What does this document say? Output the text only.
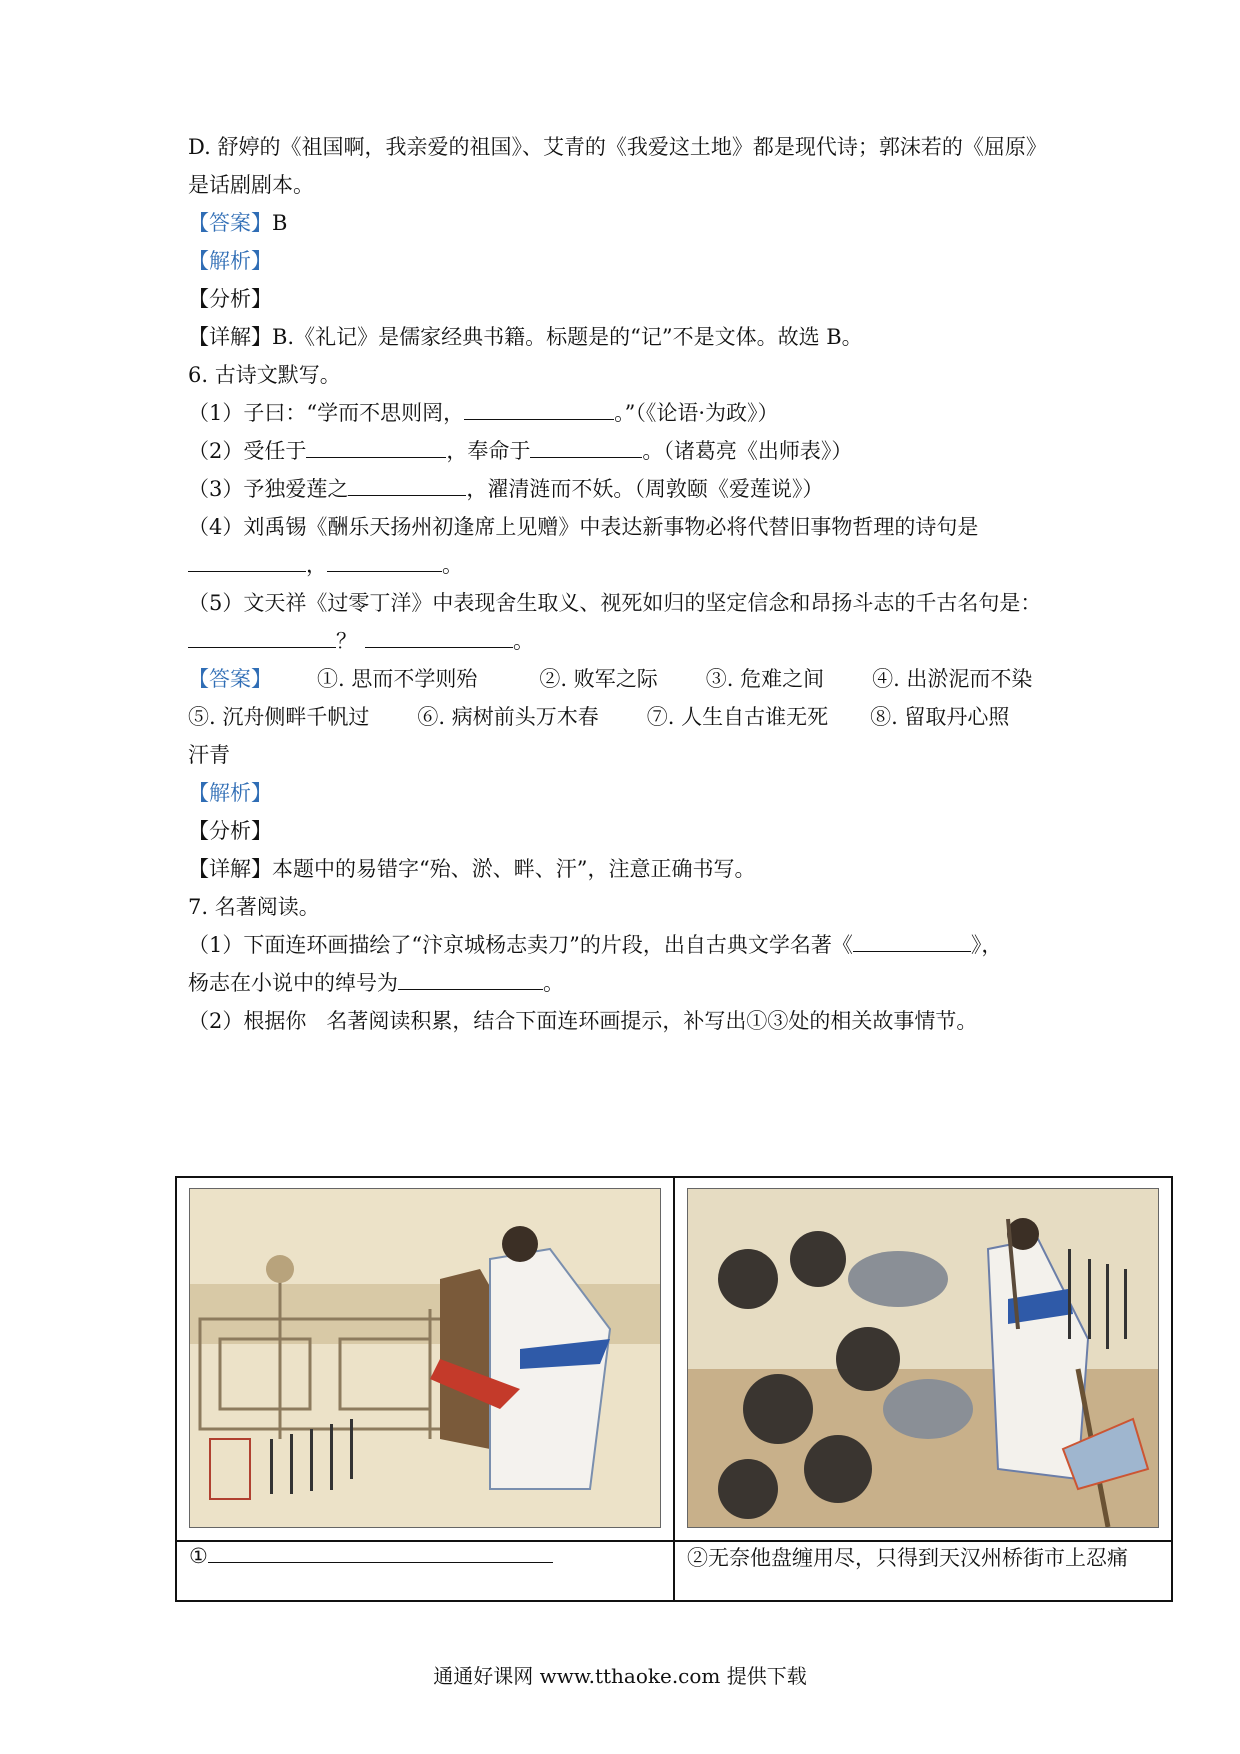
D. 舒婷的《祖国啊，我亲爱的祖国》、艾青的《我爱这土地》都是现代诗；郭沫若的《屈原》
是话剧剧本。
【答案】B
【解析】
【分析】
【详解】B.《礼记》是儒家经典书籍。标题是的“记”不是文体。故选 B。
6. 古诗文默写。
（1）子曰：“学而不思则罔，	。”（《论语·为政》）
（2）受任于	，奉命于	。（诸葛亮《出师表》）
（3）予独爱莲之	，濯清涟而不妖。（周敦颐《爱莲说》）
（4）刘禹锡《酬乐天扬州初逢席上见赠》中表达新事物必将代替旧事物哲理的诗句是
，	。
（5）文天祥《过零丁洋》中表现舍生取义、视死如归的坚定信念和昂扬斗志的千古名句是：
？	。
【答案】 ①. 思而不学则殆	②. 败军之际 ③. 危难之间 ④. 出淤泥而不染
⑤. 沉舟侧畔千帆过 ⑥. 病树前头万木春 ⑦. 人生自古谁无死 ⑧. 留取丹心照
汗青
【解析】
【分析】
【详解】本题中的易错字“殆、淤、畔、汗”，注意正确书写。
7. 名著阅读。
（1）下面连环画描绘了“汴京城杨志卖刀”的片段，出自古典文学名著《	》，
杨志在小说中的绰号为	。
（2）根据你   名著阅读积累，结合下面连环画提示，补写出①③处的相关故事情节。

①	②无奈他盘缠用尽，只得到天汉州桥街市上忍痛
通通好课网 www.tthaoke.com 提供下载
